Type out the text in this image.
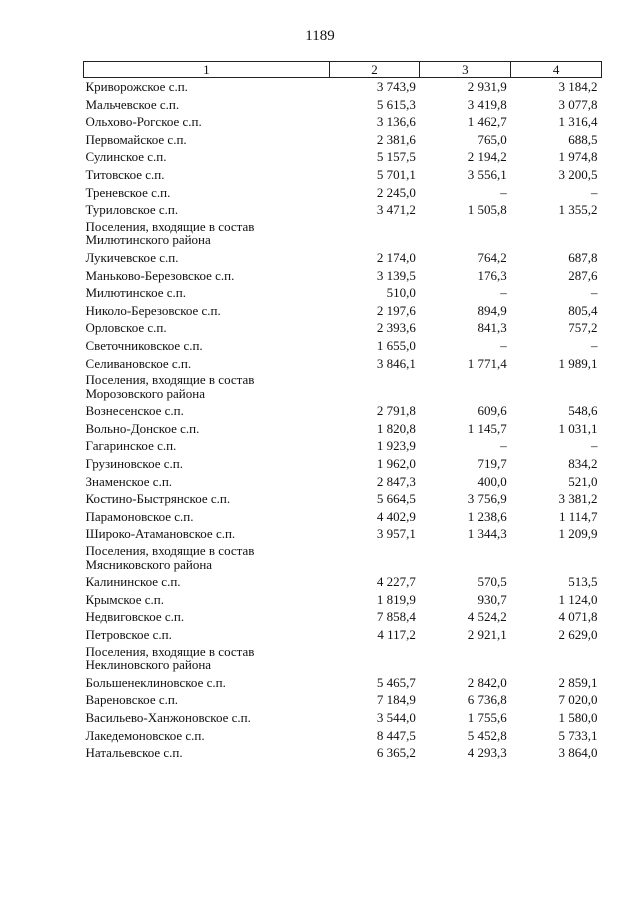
1189
1	2	3	4
Криворожское с.п.	3 743,9	2 931,9	3 184,2
Мальчевское с.п.	5 615,3	3 419,8	3 077,8
Ольхово-Рогское с.п.	3 136,6	1 462,7	1 316,4
Первомайское с.п.	2 381,6	765,0	688,5
Сулинское с.п.	5 157,5	2 194,2	1 974,8
Титовское с.п.	5 701,1	3 556,1	3 200,5
Треневское с.п.	2 245,0	–	–
Туриловское с.п.	3 471,2	1 505,8	1 355,2
Поселения, входящие в состав Милютинского района			
Лукичевское с.п.	2 174,0	764,2	687,8
Маньково-Березовское с.п.	3 139,5	176,3	287,6
Милютинское с.п.	510,0	–	–
Николо-Березовское с.п.	2 197,6	894,9	805,4
Орловское с.п.	2 393,6	841,3	757,2
Светочниковское с.п.	1 655,0	–	–
Селивановское с.п.	3 846,1	1 771,4	1 989,1
Поселения, входящие в состав Морозовского района			
Вознесенское с.п.	2 791,8	609,6	548,6
Вольно-Донское с.п.	1 820,8	1 145,7	1 031,1
Гагаринское с.п.	1 923,9	–	–
Грузиновское с.п.	1 962,0	719,7	834,2
Знаменское с.п.	2 847,3	400,0	521,0
Костино-Быстрянское с.п.	5 664,5	3 756,9	3 381,2
Парамоновское с.п.	4 402,9	1 238,6	1 114,7
Широко-Атамановское с.п.	3 957,1	1 344,3	1 209,9
Поселения, входящие в состав Мясниковского района			
Калининское с.п.	4 227,7	570,5	513,5
Крымское с.п.	1 819,9	930,7	1 124,0
Недвиговское с.п.	7 858,4	4 524,2	4 071,8
Петровское с.п.	4 117,2	2 921,1	2 629,0
Поселения, входящие в состав Неклиновского района			
Большенеклиновское с.п.	5 465,7	2 842,0	2 859,1
Вареновское с.п.	7 184,9	6 736,8	7 020,0
Васильево-Ханжоновское с.п.	3 544,0	1 755,6	1 580,0
Лакедемоновское с.п.	8 447,5	5 452,8	5 733,1
Натальевское с.п.	6 365,2	4 293,3	3 864,0
